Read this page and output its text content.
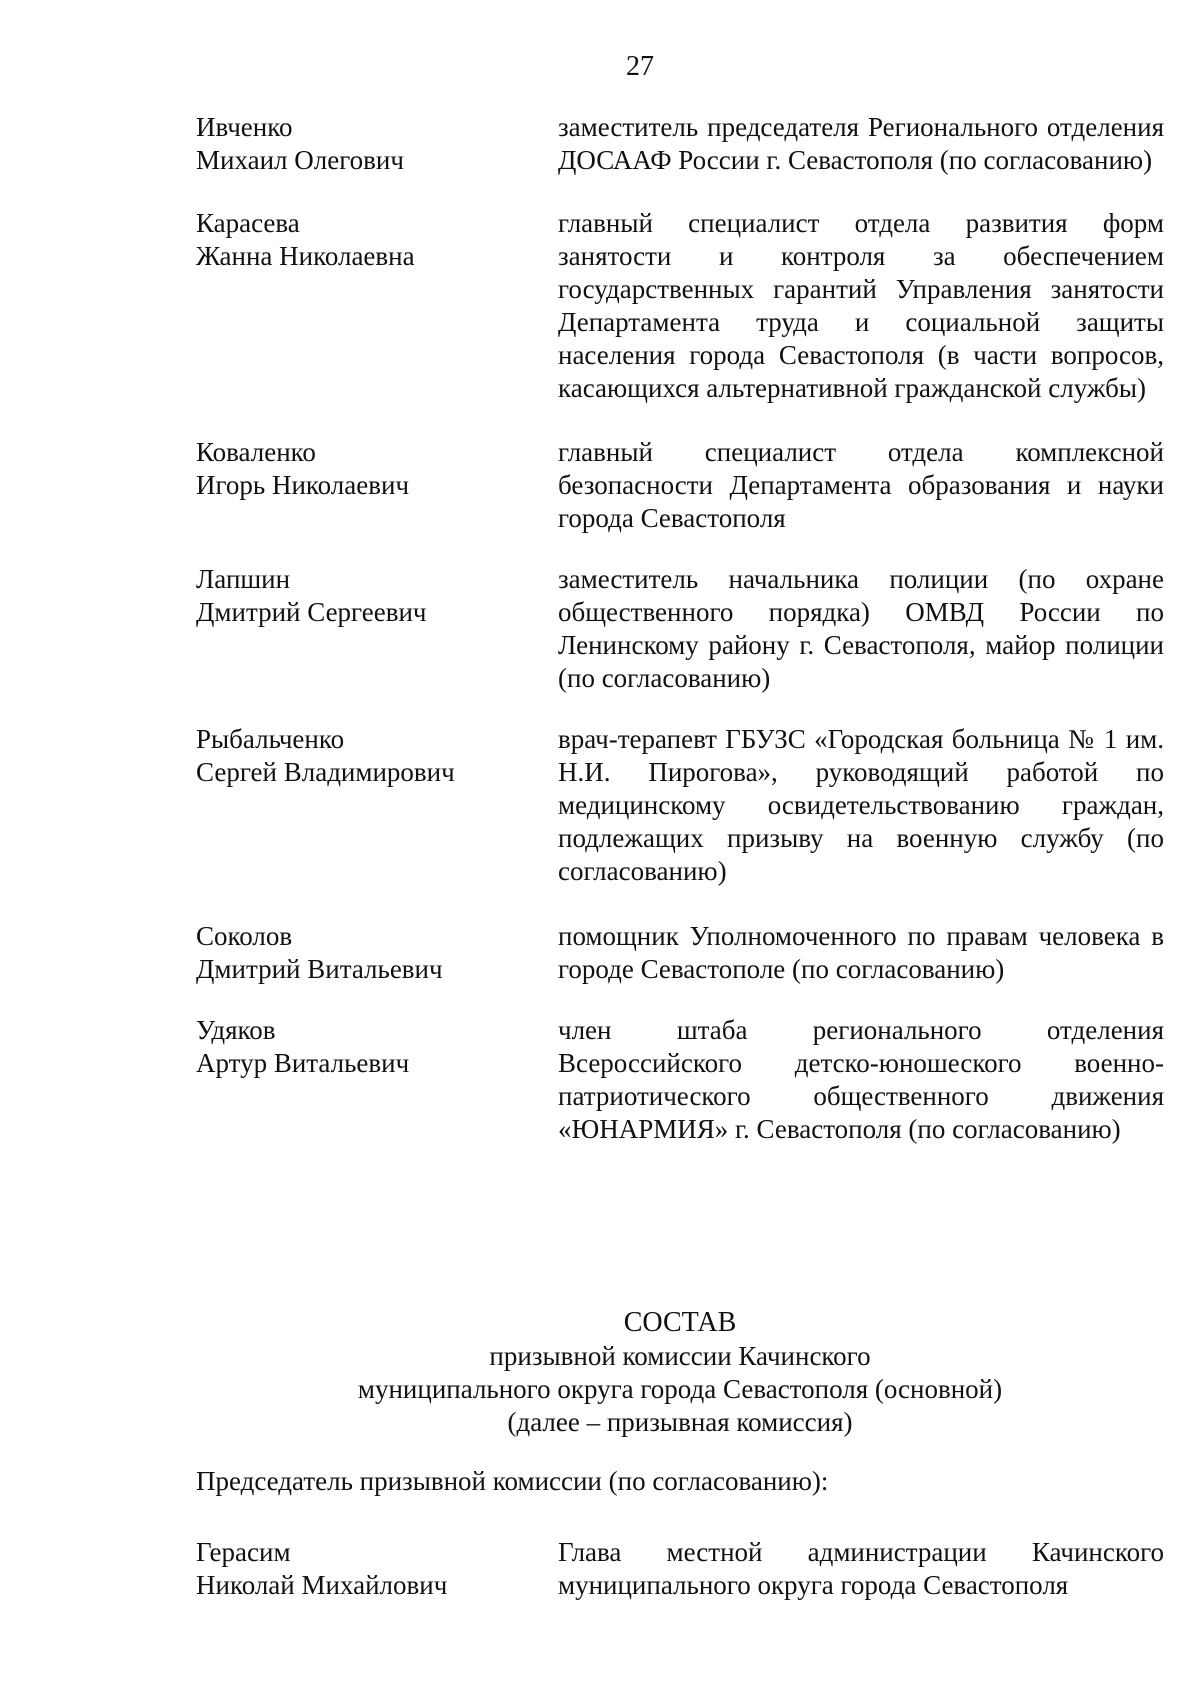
27
Ивченко
Михаил Олегович
заместитель председателя Регионального отделения ДОСААФ России г. Севастополя (по согласованию)
Карасева
Жанна Николаевна
главный специалист отдела развития форм занятости и контроля за обеспечением государственных гарантий Управления занятости Департамента труда и социальной защиты населения города Севастополя (в части вопросов, касающихся альтернативной гражданской службы)
Коваленко
Игорь Николаевич
главный специалист отдела комплексной безопасности Департамента образования и науки города Севастополя
Лапшин
Дмитрий Сергеевич
заместитель начальника полиции (по охране общественного порядка) ОМВД России по Ленинскому району г. Севастополя, майор полиции (по согласованию)
Рыбальченко
Сергей Владимирович
врач-терапевт ГБУЗС «Городская больница № 1 им. Н.И. Пирогова», руководящий работой по медицинскому освидетельствованию граждан, подлежащих призыву на военную службу (по согласованию)
Соколов
Дмитрий Витальевич
помощник Уполномоченного по правам человека в городе Севастополе (по согласованию)
Удяков
Артур Витальевич
член штаба регионального отделения Всероссийского детско-юношеского военно-патриотического общественного движения «ЮНАРМИЯ» г. Севастополя (по согласованию)
СОСТАВ
призывной комиссии Качинского
муниципального округа города Севастополя (основной)
(далее – призывная комиссия)
Председатель призывной комиссии (по согласованию):
Герасим
Николай Михайлович
Глава местной администрации Качинского муниципального округа города Севастополя
